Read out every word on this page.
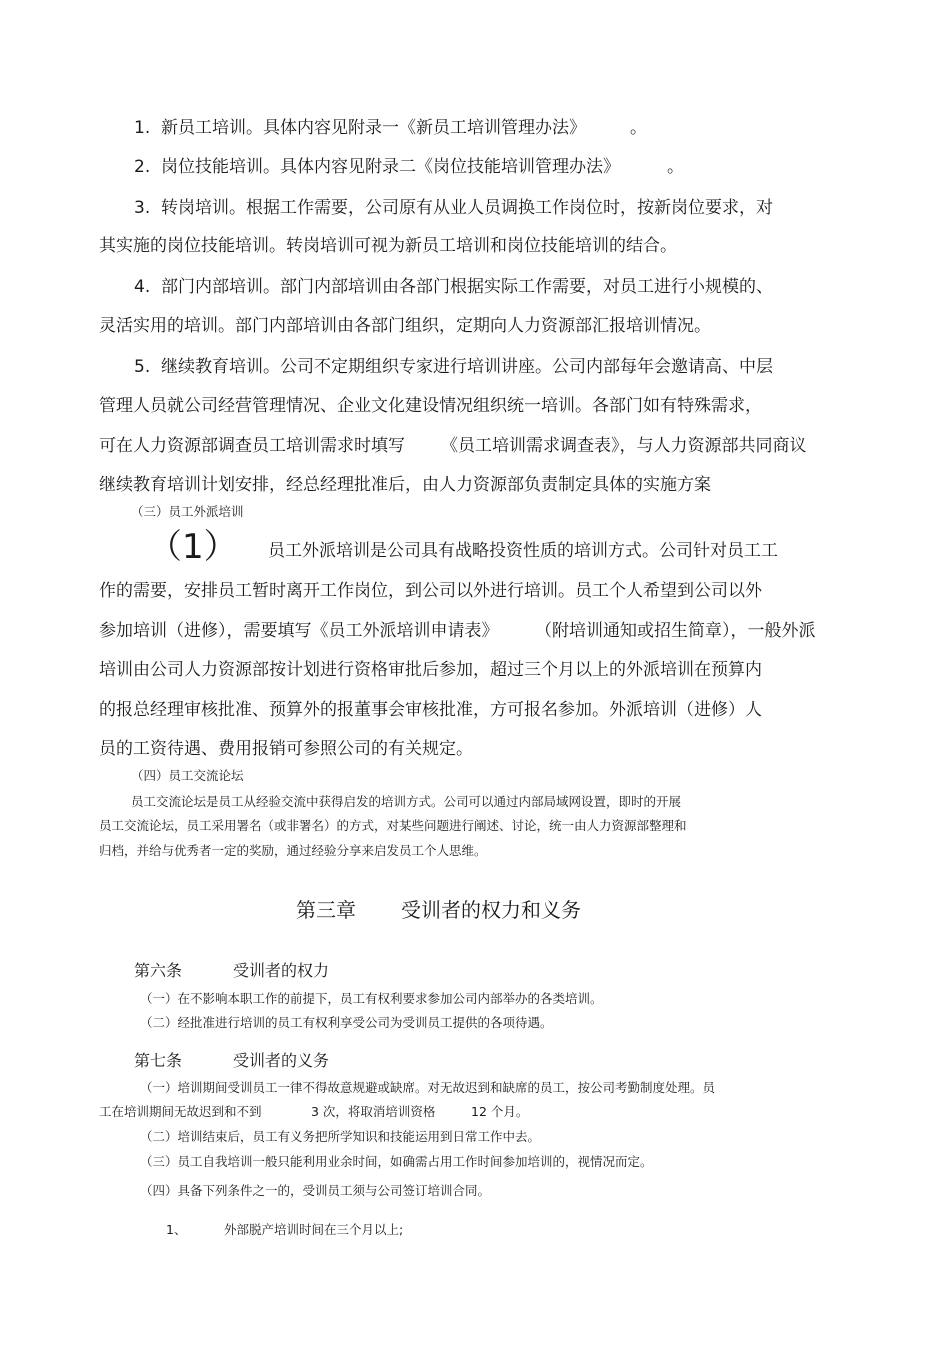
1. 新员工培训。具体内容见附录一《新员工培训管理办法》	。
2. 岗位技能培训。具体内容见附录二《岗位技能培训管理办法》	。
3. 转岗培训。根据工作需要，公司原有从业人员调换工作岗位时，按新岗位要求，对
其实施的岗位技能培训。转岗培训可视为新员工培训和岗位技能培训的结合。
4. 部门内部培训。部门内部培训由各部门根据实际工作需要，对员工进行小规模的、
灵活实用的培训。部门内部培训由各部门组织，定期向人力资源部汇报培训情况。
5. 继续教育培训。公司不定期组织专家进行培训讲座。公司内部每年会邀请高、中层
管理人员就公司经营管理情况、企业文化建设情况组织统一培训。各部门如有特殊需求，
可在人力资源部调查员工培训需求时填写 《员工培训需求调查表》，与人力资源部共同商议
继续教育培训计划安排，经总经理批准后，由人力资源部负责制定具体的实施方案
（三）员工外派培训
（1） 员工外派培训是公司具有战略投资性质的培训方式。公司针对员工工
作的需要，安排员工暂时离开工作岗位，到公司以外进行培训。员工个人希望到公司以外
参加培训（进修），需要填写《员工外派培训申请表》 （附培训通知或招生简章），一般外派
培训由公司人力资源部按计划进行资格审批后参加，超过三个月以上的外派培训在预算内
的报总经理审核批准、预算外的报董事会审核批准，方可报名参加。外派培训（进修）人
员的工资待遇、费用报销可参照公司的有关规定。
（四）员工交流论坛
员工交流论坛是员工从经验交流中获得启发的培训方式。公司可以通过内部局域网设置，即时的开展
员工交流论坛，员工采用署名（或非署名）的方式，对某些问题进行阐述、讨论，统一由人力资源部整理和
归档，并给与优秀者一定的奖励，通过经验分享来启发员工个人思维。
第三章 受训者的权力和义务
第六条	受训者的权力
（一）在不影响本职工作的前提下，员工有权利要求参加公司内部举办的各类培训。
（二）经批准进行培训的员工有权利享受公司为受训员工提供的各项待遇。
第七条	受训者的义务
（一）培训期间受训员工一律不得故意规避或缺席。对无故迟到和缺席的员工，按公司考勤制度处理。员
工在培训期间无故迟到和不到	3 次，将取消培训资格	12 个月。
（二）培训结束后，员工有义务把所学知识和技能运用到日常工作中去。
（三）员工自我培训一般只能利用业余时间，如确需占用工作时间参加培训的，视情况而定。
（四）具备下列条件之一的，受训员工须与公司签订培训合同。
1、	外部脱产培训时间在三个月以上;
